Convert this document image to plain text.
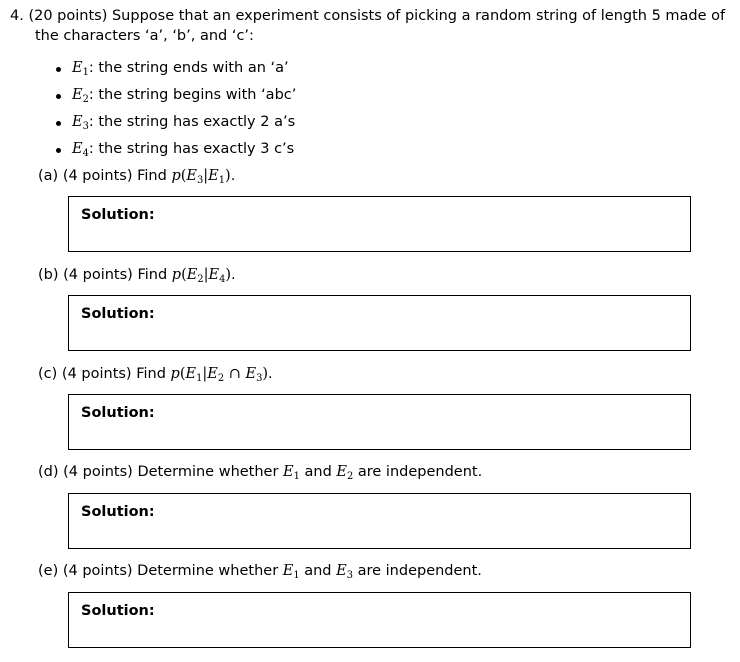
4. (20 points) Suppose that an experiment consists of picking a random string of length 5 made of
the characters ‘a’, ‘b’, and ‘c’:
$E_1$: the string ends with an ‘a’
$E_2$: the string begins with ‘abc’
$E_3$: the string has exactly 2 a’s
$E_4$: the string has exactly 3 c’s
(a) (4 points) Find $p(E_3|E_1)$.
Solution:
(b) (4 points) Find $p(E_2|E_4)$.
Solution:
(c) (4 points) Find $p(E_1|E_2$ ∩ $E_3$).
Solution:
(d) (4 points) Determine whether $E_1$ and $E_2$ are independent.
Solution:
(e) (4 points) Determine whether $E_1$ and $E_3$ are independent.
Solution:
